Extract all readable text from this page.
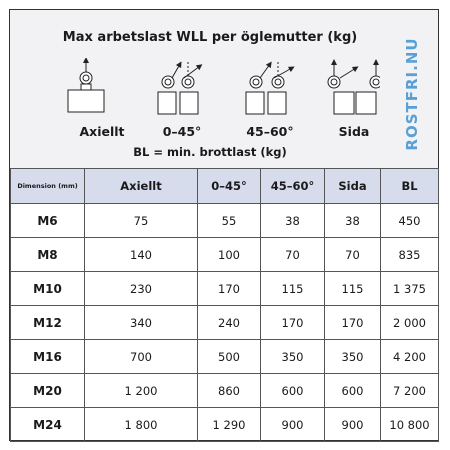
Max arbetslast WLL per öglemutter (kg)
Axiellt	0–45°	45–60°	Sida
BL = min. brottlast (kg)
ROSTFRI.NU
Dimension (mm)	Axiellt	0–45°	45–60°	Sida	BL
M6	75	55	38	38	450
M8	140	100	70	70	835
M10	230	170	115	115	1 375
M12	340	240	170	170	2 000
M16	700	500	350	350	4 200
M20	1 200	860	600	600	7 200
M24	1 800	1 290	900	900	10 800
